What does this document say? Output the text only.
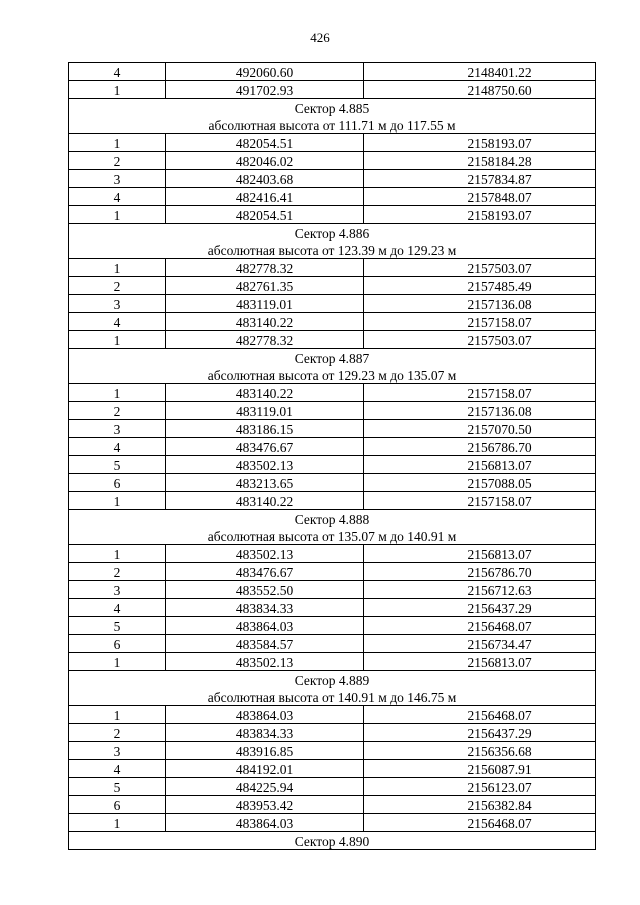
426
4	492060.60	2148401.22
1	491702.93	2148750.60
Сектор 4.885		
абсолютная высота от 111.71 м до 117.55 м		
1	482054.51	2158193.07
2	482046.02	2158184.28
3	482403.68	2157834.87
4	482416.41	2157848.07
1	482054.51	2158193.07
Сектор 4.886		
абсолютная высота от 123.39 м до 129.23 м		
1	482778.32	2157503.07
2	482761.35	2157485.49
3	483119.01	2157136.08
4	483140.22	2157158.07
1	482778.32	2157503.07
Сектор 4.887		
абсолютная высота от 129.23 м до 135.07 м		
1	483140.22	2157158.07
2	483119.01	2157136.08
3	483186.15	2157070.50
4	483476.67	2156786.70
5	483502.13	2156813.07
6	483213.65	2157088.05
1	483140.22	2157158.07
Сектор 4.888		
абсолютная высота от 135.07 м до 140.91 м		
1	483502.13	2156813.07
2	483476.67	2156786.70
3	483552.50	2156712.63
4	483834.33	2156437.29
5	483864.03	2156468.07
6	483584.57	2156734.47
1	483502.13	2156813.07
Сектор 4.889		
абсолютная высота от 140.91 м до 146.75 м		
1	483864.03	2156468.07
2	483834.33	2156437.29
3	483916.85	2156356.68
4	484192.01	2156087.91
5	484225.94	2156123.07
6	483953.42	2156382.84
1	483864.03	2156468.07
Сектор 4.890		
